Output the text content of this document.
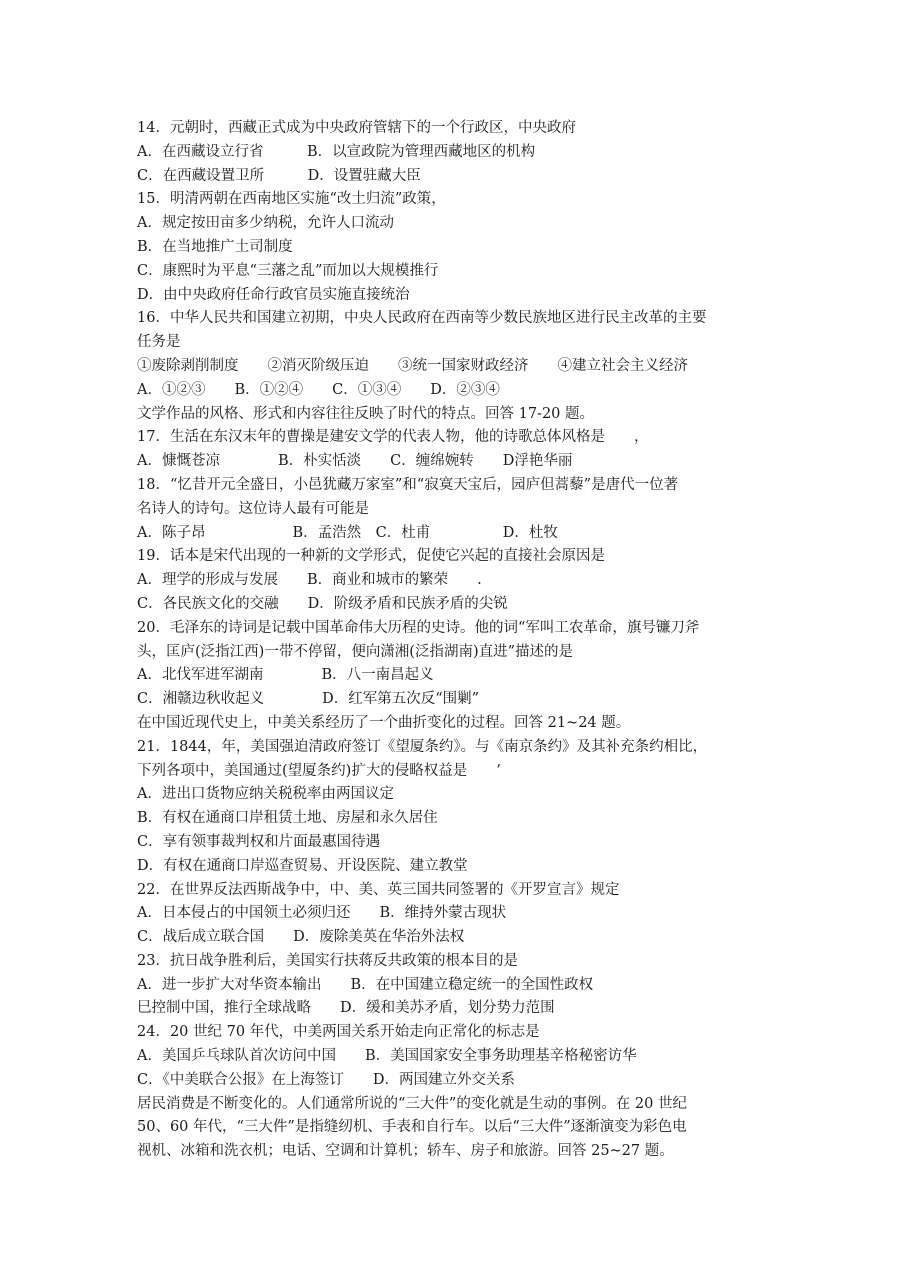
14．元朝时，西藏正式成为中央政府管辖下的一个行政区，中央政府
A．在西藏设立行省	B．以宣政院为管理西藏地区的机构
C．在西藏设置卫所	D．设置驻藏大臣
15．明清两朝在西南地区实施“改土归流”政策，
A．规定按田亩多少纳税，允许人口流动
B．在当地推广土司制度
C．康熙时为平息“三藩之乱”而加以大规模推行
D．由中央政府任命行政官员实施直接统治
16．中华人民共和国建立初期，中央人民政府在西南等少数民族地区进行民主改革的主要
任务是
①废除剥削制度 ②消灭阶级压迫 ③统一国家财政经济 ④建立社会主义经济
A．①②③ B．①②④ C．①③④ D．②③④
文学作品的风格、形式和内容往往反映了时代的特点。回答 17-20 题。
17．生活在东汉末年的曹操是建安文学的代表人物，他的诗歌总体风格是　　，
A．慷慨苍凉	B．朴实恬淡 C．缠绵婉转 D浮艳华丽
18．“忆昔开元全盛日，小邑犹藏万家室”和“寂寞天宝后，园庐但蒿藜”是唐代一位著
名诗人的诗句。这位诗人最有可能是
A．陈子昂	B．孟浩然 C．杜甫	D．杜牧
19．话本是宋代出现的一种新的文学形式，促使它兴起的直接社会原因是
A．理学的形成与发展 B．商业和城市的繁荣　　.
C．各民族文化的交融 D．阶级矛盾和民族矛盾的尖锐
20．毛泽东的诗词是记载中国革命伟大历程的史诗。他的词“军叫工农革命，旗号镰刀斧
头，匡庐(泛指江西)一带不停留，便向潇湘(泛指湖南)直进”描述的是
A．北伐军进军湖南	B．八一南昌起义
C．湘赣边秋收起义	D．红军第五次反“围剿”
在中国近现代史上，中美关系经历了一个曲折变化的过程。回答 21~24 题。
21．1844，年，美国强迫清政府签订《望厦条约》。与《南京条约》及其补充条约相比，
下列各项中，美国通过(望厦条约)扩大的侵略权益是　　’
A．进出口货物应纳关税税率由两国议定
B．有权在通商口岸租赁土地、房屋和永久居住
C．享有领事裁判权和片面最惠国待遇
D．有权在通商口岸巡查贸易、开设医院、建立教堂
22．在世界反法西斯战争中，中、美、英三国共同签署的《开罗宣言》规定
A．日本侵占的中国领土必须归还 B．维持外蒙古现状
C．战后成立联合国 D．废除美英在华治外法权
23．抗日战争胜利后，美国实行扶蒋反共政策的根本目的是
A．进一步扩大对华资本输出 B．在中国建立稳定统一的全国性政权
巳控制中国，推行全球战略 D．缓和美苏矛盾，划分势力范围
24．20 世纪 70 年代，中美两国关系开始走向正常化的标志是
A．美国乒乓球队首次访问中国 B．美国国家安全事务助理基辛格秘密访华
C．《中美联合公报》在上海签订 D．两国建立外交关系
居民消费是不断变化的。人们通常所说的“三大件”的变化就是生动的事例。在 20 世纪
50、60 年代，“三大件”是指缝纫机、手表和自行车。以后“三大件”逐渐演变为彩色电
视机、冰箱和洗衣机；电话、空调和计算机；轿车、房子和旅游。回答 25~27 题。
